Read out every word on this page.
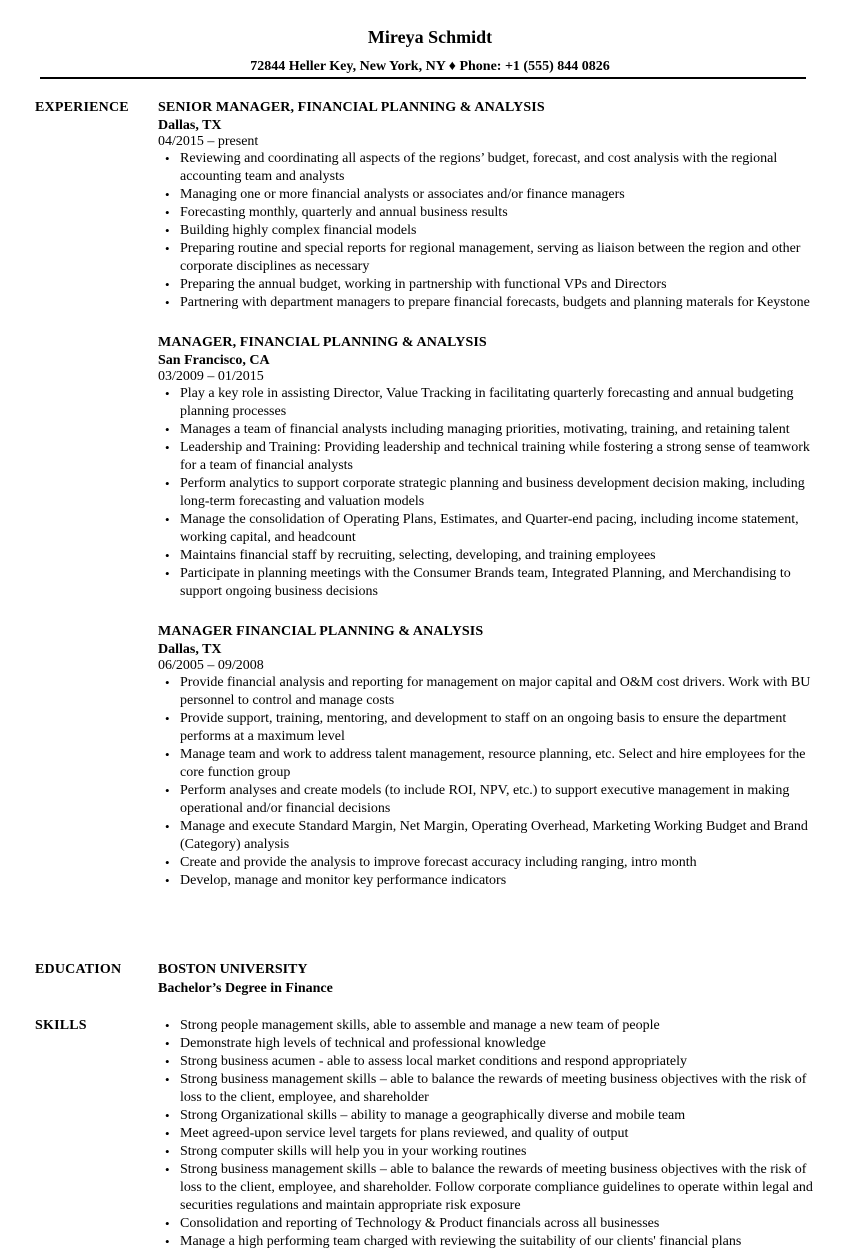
Mireya Schmidt
72844 Heller Key, New York, NY ♦ Phone: +1 (555) 844 0826
EXPERIENCE SENIOR MANAGER, FINANCIAL PLANNING & ANALYSIS
Dallas, TX
04/2015 – present
• Reviewing and coordinating all aspects of the regions’ budget, forecast, and cost analysis with the regional accounting team and analysts
• Managing one or more financial analysts or associates and/or finance managers
• Forecasting monthly, quarterly and annual business results
• Building highly complex financial models
• Preparing routine and special reports for regional management, serving as liaison between the region and other corporate disciplines as necessary
• Preparing the annual budget, working in partnership with functional VPs and Directors
• Partnering with department managers to prepare financial forecasts, budgets and planning materals for Keystone
MANAGER, FINANCIAL PLANNING & ANALYSIS
San Francisco, CA
03/2009 – 01/2015
• Play a key role in assisting Director, Value Tracking in facilitating quarterly forecasting and annual budgeting planning processes
• Manages a team of financial analysts including managing priorities, motivating, training, and retaining talent
• Leadership and Training: Providing leadership and technical training while fostering a strong sense of teamwork for a team of financial analysts
• Perform analytics to support corporate strategic planning and business development decision making, including long-term forecasting and valuation models
• Manage the consolidation of Operating Plans, Estimates, and Quarter-end pacing, including income statement, working capital, and headcount
• Maintains financial staff by recruiting, selecting, developing, and training employees
• Participate in planning meetings with the Consumer Brands team, Integrated Planning, and Merchandising to support ongoing business decisions
MANAGER FINANCIAL PLANNING & ANALYSIS
Dallas, TX
06/2005 – 09/2008
• Provide financial analysis and reporting for management on major capital and O&M cost drivers. Work with BU personnel to control and manage costs
• Provide support, training, mentoring, and development to staff on an ongoing basis to ensure the department performs at a maximum level
• Manage team and work to address talent management, resource planning, etc. Select and hire employees for the core function group
• Perform analyses and create models (to include ROI, NPV, etc.) to support executive management in making operational and/or financial decisions
• Manage and execute Standard Margin, Net Margin, Operating Overhead, Marketing Working Budget and Brand (Category) analysis
• Create and provide the analysis to improve forecast accuracy including ranging, intro month
• Develop, manage and monitor key performance indicators
EDUCATION	BOSTON UNIVERSITY
Bachelor’s Degree in Finance
SKILLS
•	Strong people management skills, able to assemble and manage a new team of people
• Demonstrate high levels of technical and professional knowledge
• Strong business acumen - able to assess local market conditions and respond appropriately
• Strong business management skills – able to balance the rewards of meeting business objectives with the risk of loss to the client, employee, and shareholder
• Strong Organizational skills – ability to manage a geographically diverse and mobile team
• Meet agreed-upon service level targets for plans reviewed, and quality of output
• Strong computer skills will help you in your working routines
• Strong business management skills – able to balance the rewards of meeting business objectives with the risk of loss to the client, employee, and shareholder. Follow corporate compliance guidelines to operate within legal and securities regulations and maintain appropriate risk exposure
• Consolidation and reporting of Technology & Product financials across all businesses
• Manage a high performing team charged with reviewing the suitability of our clients' financial plans
